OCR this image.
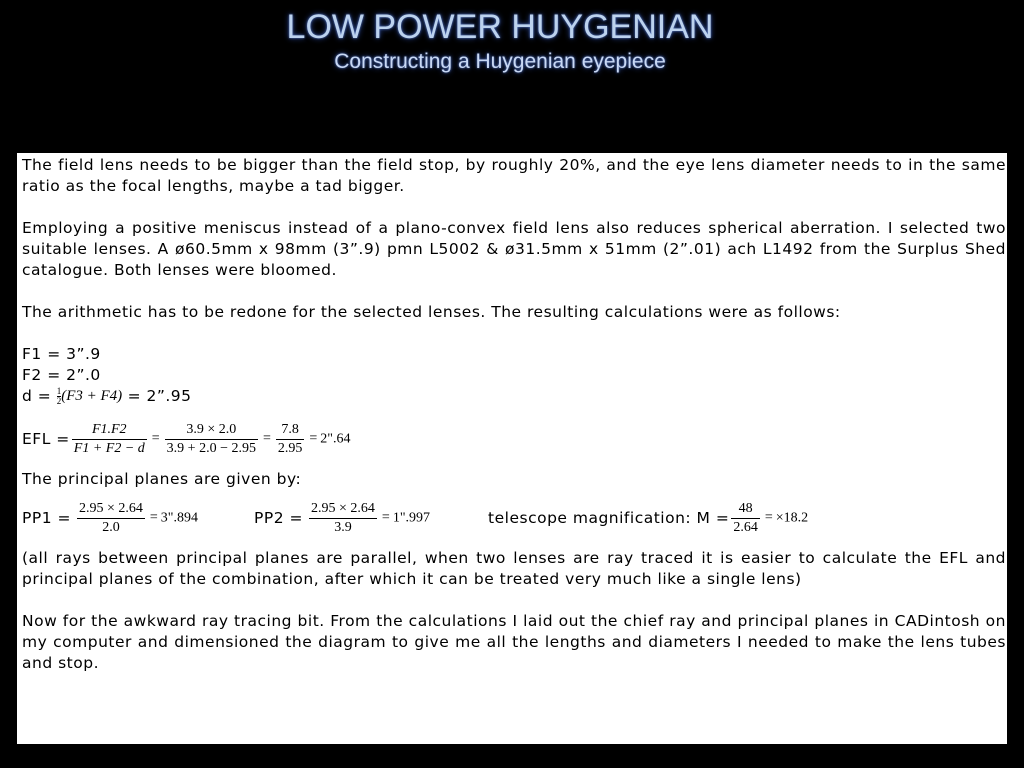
LOW POWER HUYGENIAN
Constructing a Huygenian eyepiece

The field lens needs to be bigger than the field stop, by roughly 20%, and the eye lens diameter needs to in the same ratio as the focal lengths, maybe a tad bigger.

Employing a positive meniscus instead of a plano-convex field lens also reduces spherical aberration. I selected two suitable lenses. A ø60.5mm x 98mm (3”.9) pmn L5002 & ø31.5mm x 51mm (2”.01) ach L1492 from the Surplus Shed catalogue. Both lenses were bloomed.

The arithmetic has to be redone for the selected lenses. The resulting calculations were as follows:

F1 = 3”.9
F2 = 2”.0
$d = \frac{1}{2} (F3 + F4)$ = 2”.95
EFL = $\frac{F1.F2}{F1 + F2 - d} = \frac{3.9 \times 2.0}{3.9 + 2.0 - 2.95} = \frac{7.8}{2.95}$ = 2".64

The principal planes are given by:

$PP1 = \frac{2.95 \times 2.64}{2.0}$ = 3".894	$PP2 = \frac{2.95 \times 2.64}{3.9}$ = 1".997	telescope magnification: $M = \frac{48}{2.64} = \times 18.2$

(all rays between principal planes are parallel, when two lenses are ray traced it is easier to calculate the EFL and principal planes of the combination, after which it can be treated very much like a single lens)

Now for the awkward ray tracing bit. From the calculations I laid out the chief ray and principal planes in CADintosh on my computer and dimensioned the diagram to give me all the lengths and diameters I needed to make the lens tubes and stop.
